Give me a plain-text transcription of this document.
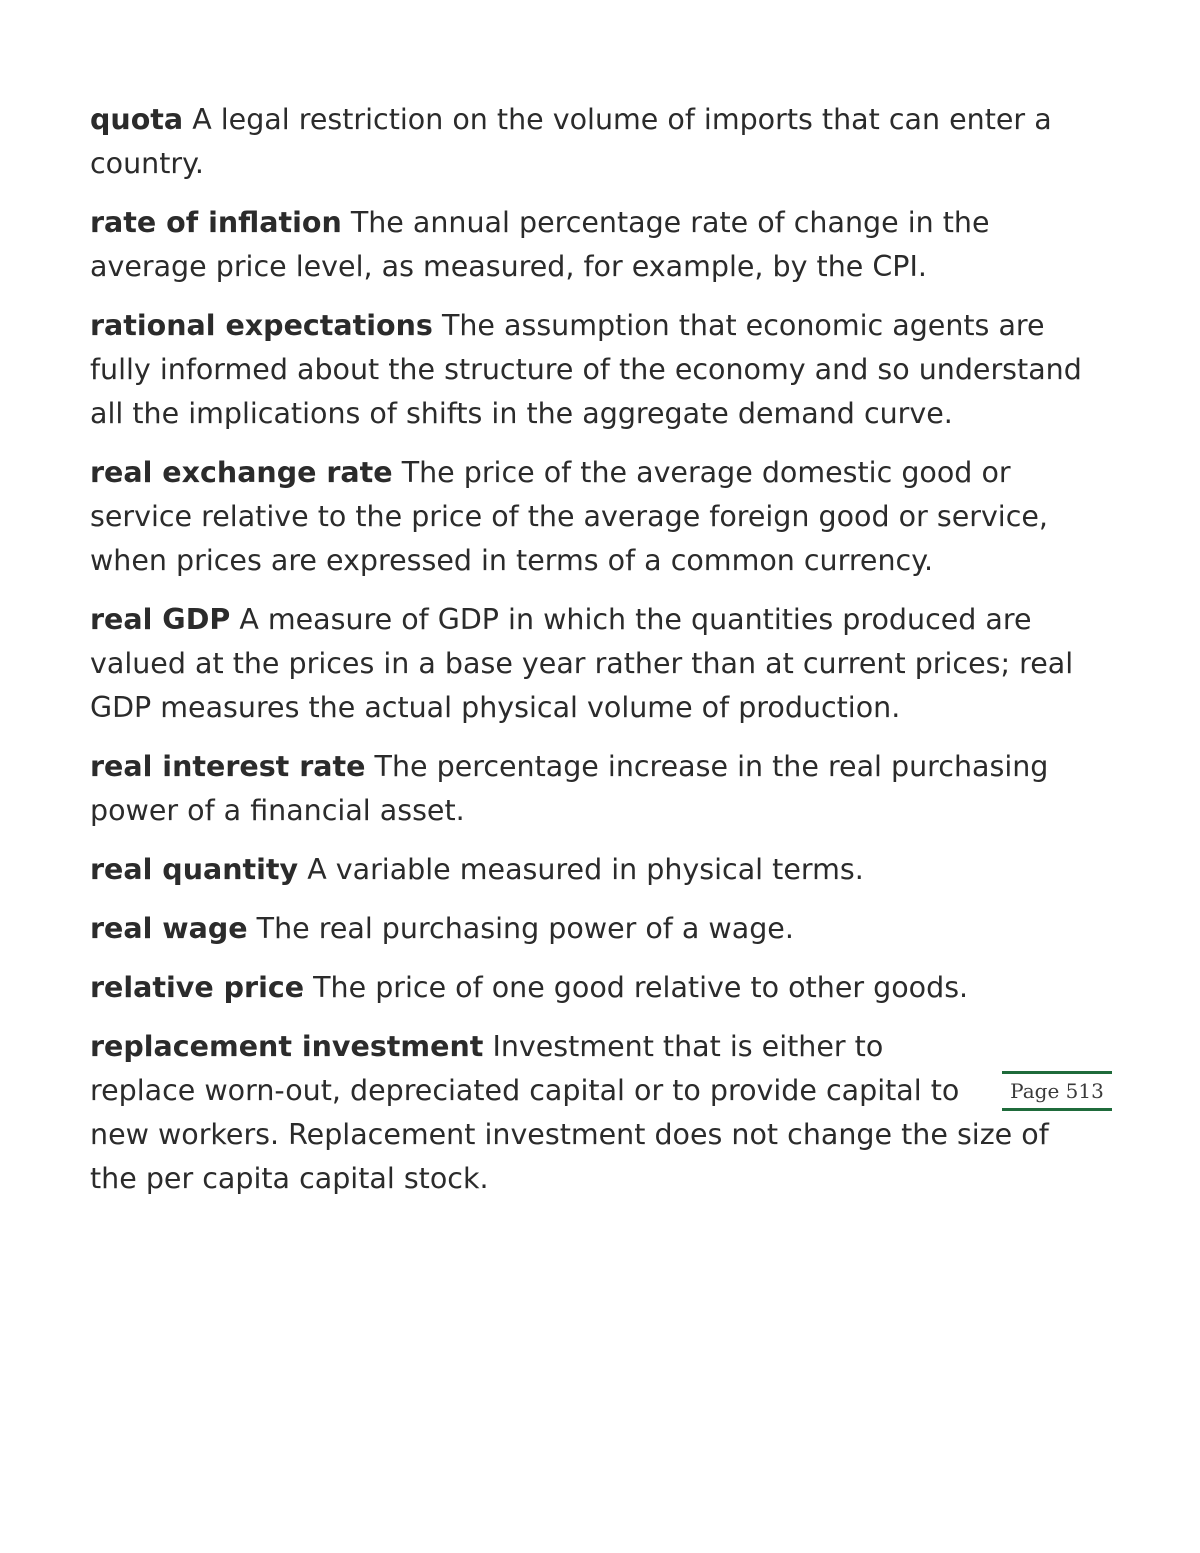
quota A legal restriction on the volume of imports that can enter a country.

rate of inflation The annual percentage rate of change in the average price level, as measured, for example, by the CPI.

rational expectations The assumption that economic agents are fully informed about the structure of the economy and so understand all the implications of shifts in the aggregate demand curve.

real exchange rate The price of the average domestic good or service relative to the price of the average foreign good or service, when prices are expressed in terms of a common currency.

real GDP A measure of GDP in which the quantities produced are valued at the prices in a base year rather than at current prices; real GDP measures the actual physical volume of production.

real interest rate The percentage increase in the real purchasing power of a financial asset.

real quantity A variable measured in physical terms.

real wage The real purchasing power of a wage.

relative price The price of one good relative to other goods.

replacement investment Investment that is either to
replace worn-out, depreciated capital or to provide capital to
new workers. Replacement investment does not change the size of the per capita capital stock.

Page 513
